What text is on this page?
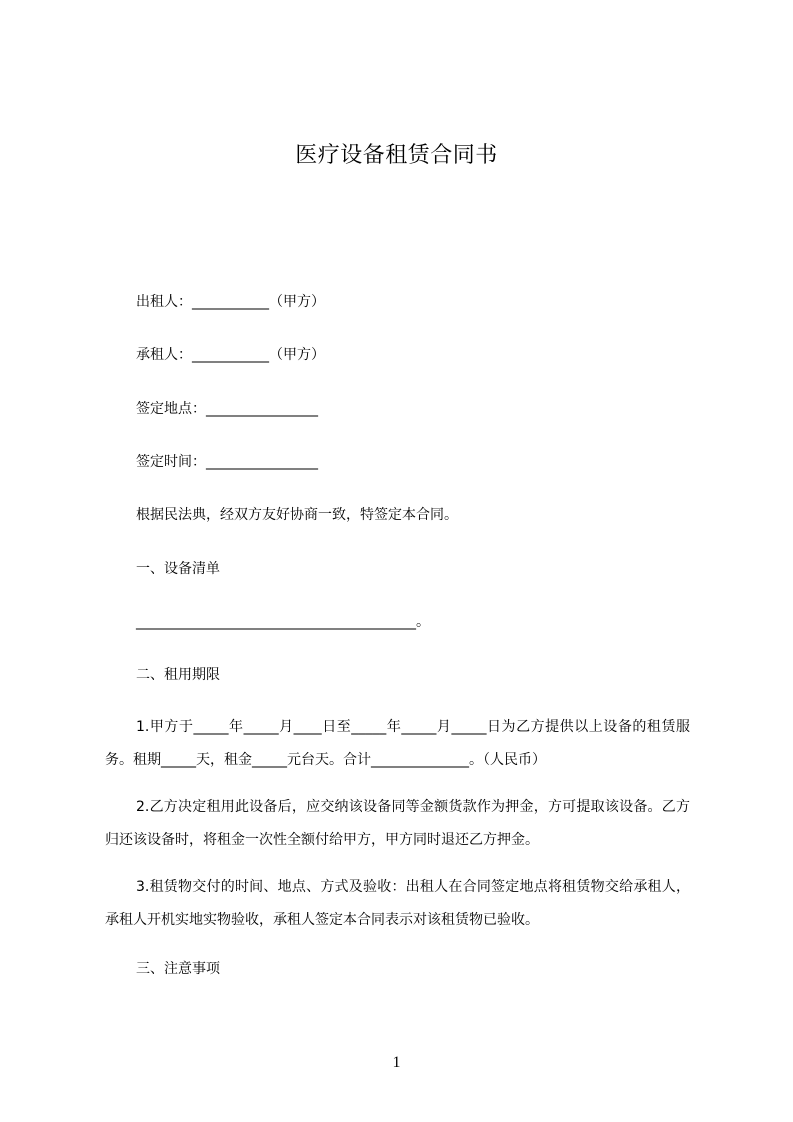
医疗设备租赁合同书
出租人：___________（甲方）
承租人：___________（甲方）
签定地点：________________
签定时间：________________
根据民法典，经双方友好协商一致，特签定本合同。
一、设备清单
________________________________________。
二、租用期限
1.甲方于_____年_____月____日至_____年_____月_____日为乙方提供以上设备的租赁服务。租期_____天，租金_____元台天。合计______________。（人民币）
2.乙方决定租用此设备后，应交纳该设备同等金额货款作为押金，方可提取该设备。乙方归还该设备时，将租金一次性全额付给甲方，甲方同时退还乙方押金。
3.租赁物交付的时间、地点、方式及验收：出租人在合同签定地点将租赁物交给承租人，承租人开机实地实物验收，承租人签定本合同表示对该租赁物已验收。
三、注意事项
1
